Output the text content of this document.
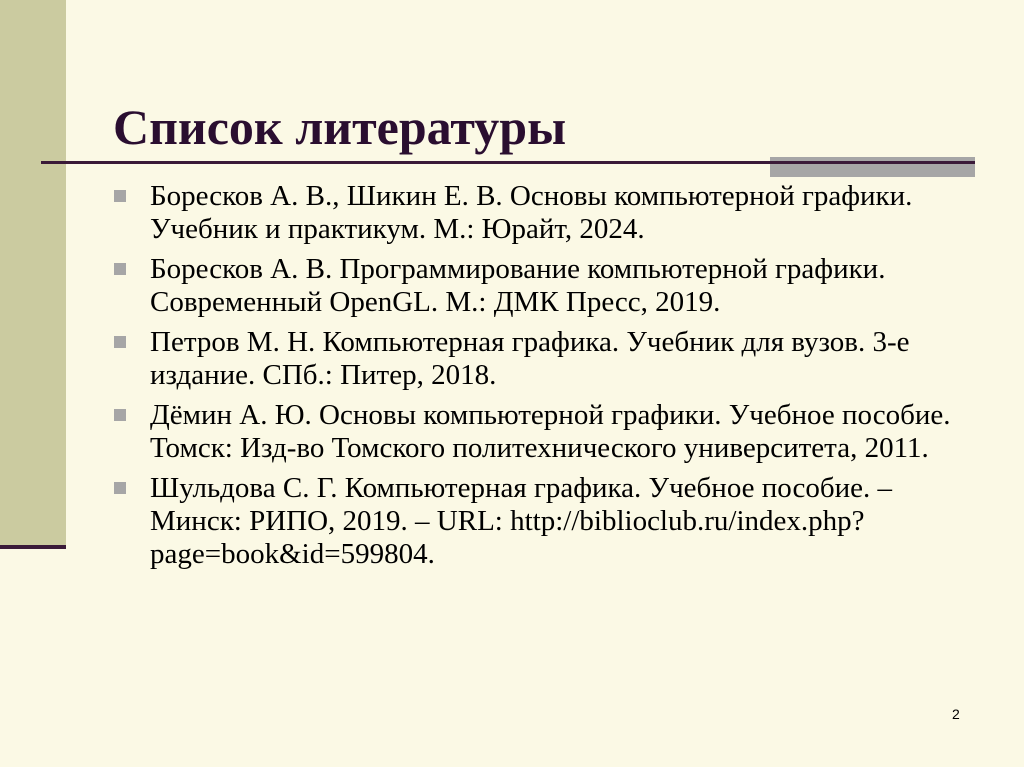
Список литературы
Боресков А. В., Шикин Е. В. Основы компьютерной графики. Учебник и практикум. М.: Юрайт, 2024.
Боресков А. В. Программирование компьютерной графики. Современный OpenGL. М.: ДМК Пресс, 2019.
Петров М. Н. Компьютерная графика. Учебник для вузов. 3-е издание. СПб.: Питер, 2018.
Дёмин А. Ю. Основы компьютерной графики. Учебное пособие. Томск: Изд-во Томского политехнического университета, 2011.
Шульдова С. Г. Компьютерная графика. Учебное пособие. – Минск: РИПО, 2019. – URL: http://biblioclub.ru/index.php?page=book&id=599804.
2
